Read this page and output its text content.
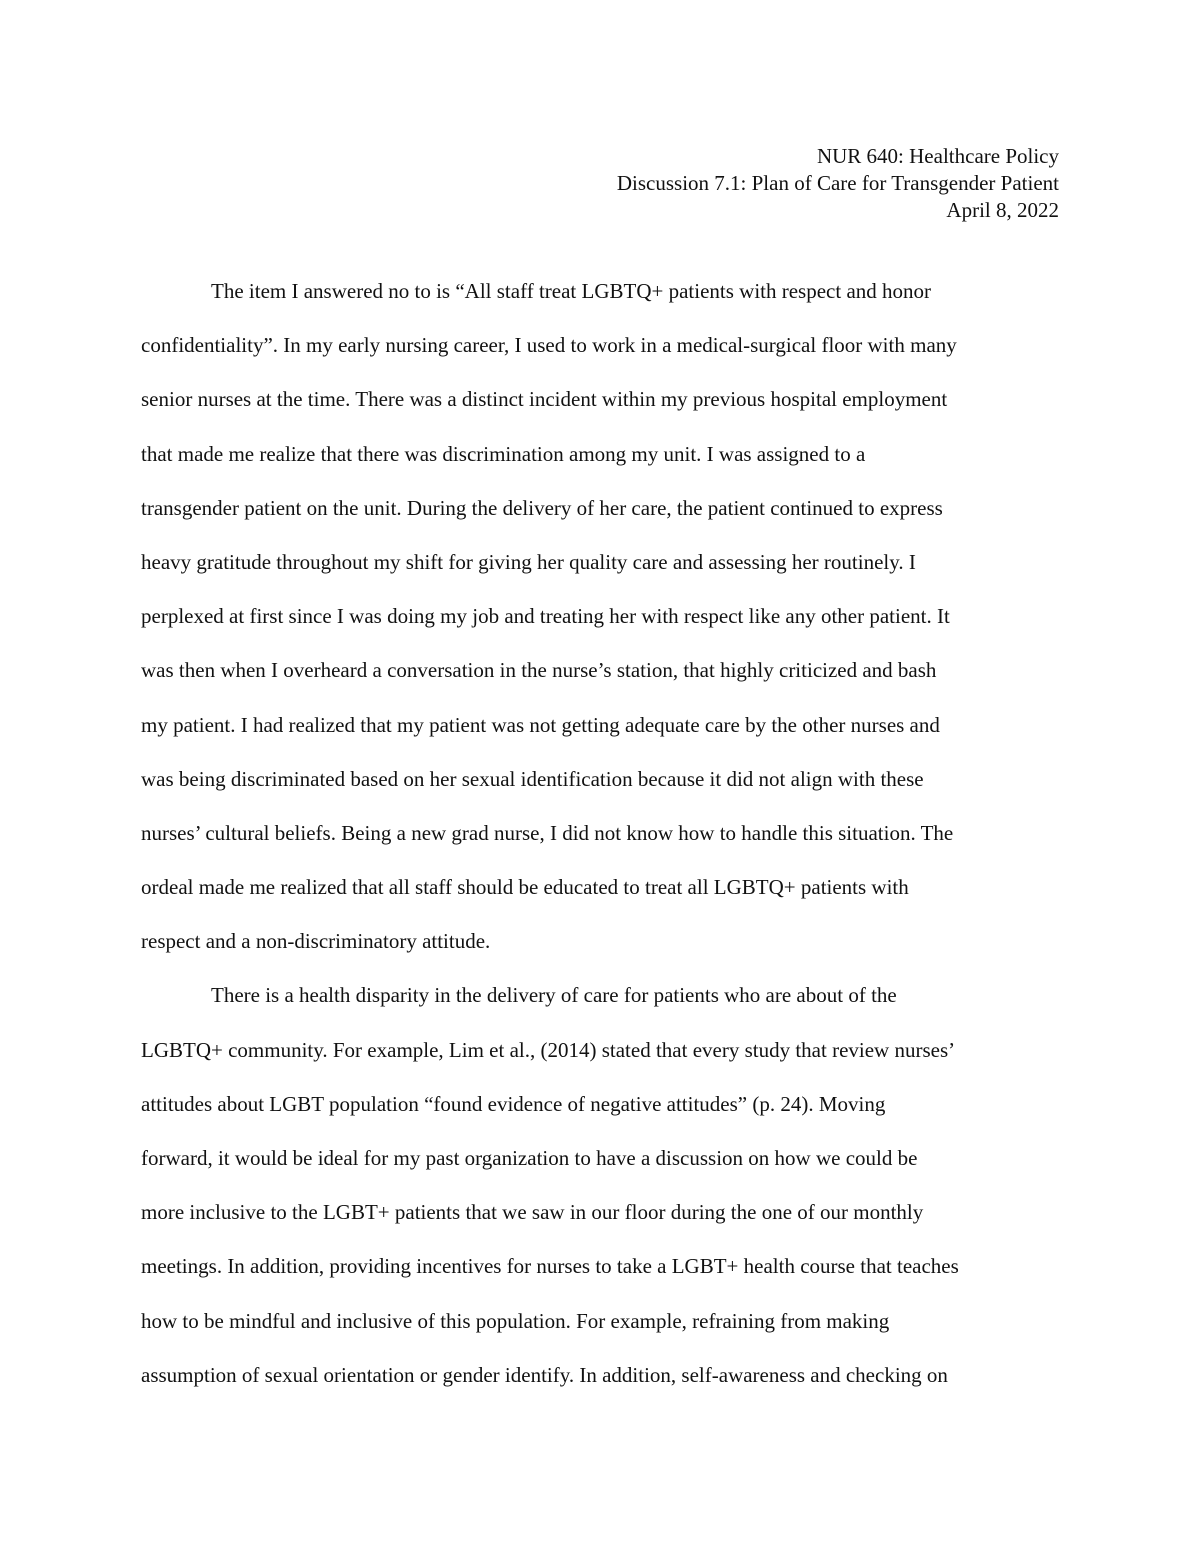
NUR 640: Healthcare Policy
Discussion 7.1: Plan of Care for Transgender Patient
April 8, 2022
The item I answered no to is “All staff treat LGBTQ+ patients with respect and honor
confidentiality”. In my early nursing career, I used to work in a medical-surgical floor with many
senior nurses at the time. There was a distinct incident within my previous hospital employment
that made me realize that there was discrimination among my unit. I was assigned to a
transgender patient on the unit. During the delivery of her care, the patient continued to express
heavy gratitude throughout my shift for giving her quality care and assessing her routinely. I
perplexed at first since I was doing my job and treating her with respect like any other patient. It
was then when I overheard a conversation in the nurse’s station, that highly criticized and bash
my patient. I had realized that my patient was not getting adequate care by the other nurses and
was being discriminated based on her sexual identification because it did not align with these
nurses’ cultural beliefs. Being a new grad nurse, I did not know how to handle this situation. The
ordeal made me realized that all staff should be educated to treat all LGBTQ+ patients with
respect and a non-discriminatory attitude.
There is a health disparity in the delivery of care for patients who are about of the
LGBTQ+ community. For example, Lim et al., (2014) stated that every study that review nurses’
attitudes about LGBT population “found evidence of negative attitudes” (p. 24). Moving
forward, it would be ideal for my past organization to have a discussion on how we could be
more inclusive to the LGBT+ patients that we saw in our floor during the one of our monthly
meetings. In addition, providing incentives for nurses to take a LGBT+ health course that teaches
how to be mindful and inclusive of this population. For example, refraining from making
assumption of sexual orientation or gender identify. In addition, self-awareness and checking on
